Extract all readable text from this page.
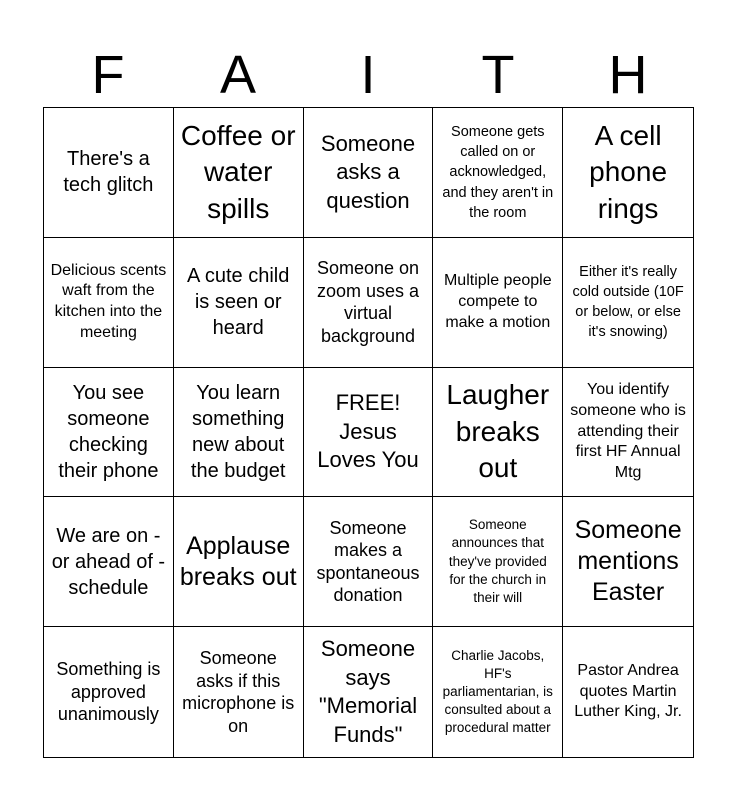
F	A	I	T	H
There's a tech glitch
Coffee or water spills
Someone asks a question
Someone gets called on or acknowledged, and they aren't in the room
A cell phone rings
Delicious scents waft from the kitchen into the meeting
A cute child is seen or heard
Someone on zoom uses a virtual background
Multiple people compete to make a motion
Either it's really cold outside (10F or below, or else it's snowing)
You see someone checking their phone
You learn something new about the budget
FREE! Jesus Loves You
Laugher breaks out
You identify someone who is attending their first HF Annual Mtg
We are on - or ahead of - schedule
Applause breaks out
Someone makes a spontaneous donation
Someone announces that they've provided for the church in their will
Someone mentions Easter
Something is approved unanimously
Someone asks if this microphone is on
Someone says "Memorial Funds"
Charlie Jacobs, HF's parliamentarian, is consulted about a procedural matter
Pastor Andrea quotes Martin Luther King, Jr.
